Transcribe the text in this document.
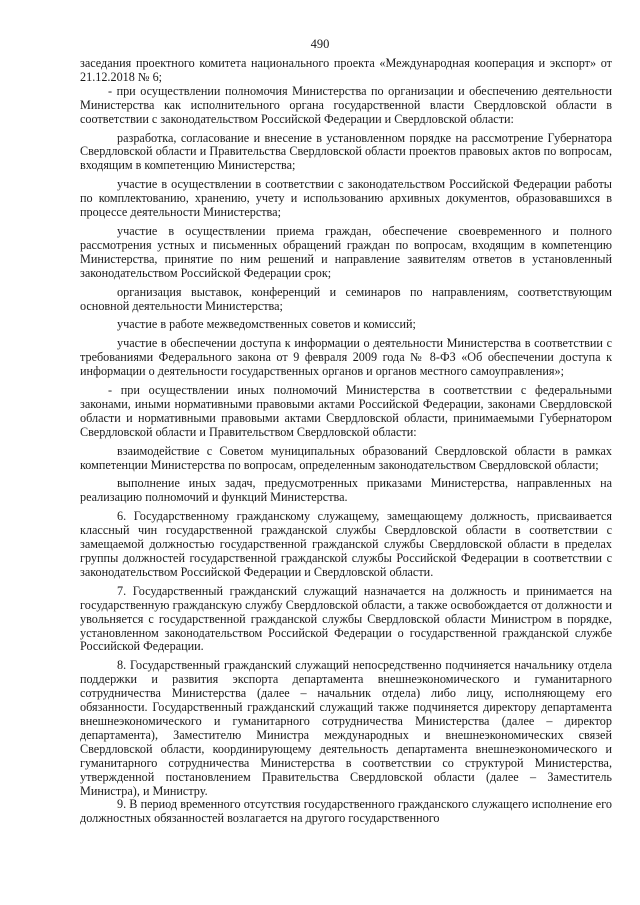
490

заседания проектного комитета национального проекта «Международная кооперация и экспорт» от 21.12.2018 № 6;

- при осуществлении полномочия Министерства по организации и обеспечению деятельности Министерства как исполнительного органа государственной власти Свердловской области в соответствии с законодательством Российской Федерации и Свердловской области:

разработка, согласование и внесение в установленном порядке на рассмотрение Губернатора Свердловской области и Правительства Свердловской области проектов правовых актов по вопросам, входящим в компетенцию Министерства;

участие в осуществлении в соответствии с законодательством Российской Федерации работы по комплектованию, хранению, учету и использованию архивных документов, образовавшихся в процессе деятельности Министерства;

участие в осуществлении приема граждан, обеспечение своевременного и полного рассмотрения устных и письменных обращений граждан по вопросам, входящим в компетенцию Министерства, принятие по ним решений и направление заявителям ответов в установленный законодательством Российской Федерации срок;

организация выставок, конференций и семинаров по направлениям, соответствующим основной деятельности Министерства;

участие в работе межведомственных советов и комиссий;

участие в обеспечении доступа к информации о деятельности Министерства в соответствии с требованиями Федерального закона от 9 февраля 2009 года № 8-ФЗ «Об обеспечении доступа к информации о деятельности государственных органов и органов местного самоуправления»;

- при осуществлении иных полномочий Министерства в соответствии с федеральными законами, иными нормативными правовыми актами Российской Федерации, законами Свердловской области и нормативными правовыми актами Свердловской области, принимаемыми Губернатором Свердловской области и Правительством Свердловской области:

взаимодействие с Советом муниципальных образований Свердловской области в рамках компетенции Министерства по вопросам, определенным законодательством Свердловской области;

выполнение иных задач, предусмотренных приказами Министерства, направленных на реализацию полномочий и функций Министерства.

6. Государственному гражданскому служащему, замещающему должность, присваивается классный чин государственной гражданской службы Свердловской области в соответствии с замещаемой должностью государственной гражданской службы Свердловской области в пределах группы должностей государственной гражданской службы Российской Федерации в соответствии с законодательством Российской Федерации и Свердловской области.

7. Государственный гражданский служащий назначается на должность и принимается на государственную гражданскую службу Свердловской области, а также освобождается от должности и увольняется с государственной гражданской службы Свердловской области Министром в порядке, установленном законодательством Российской Федерации о государственной гражданской службе Российской Федерации.

8. Государственный гражданский служащий непосредственно подчиняется начальнику отдела поддержки и развития экспорта департамента внешнеэкономического и гуманитарного сотрудничества Министерства (далее – начальник отдела) либо лицу, исполняющему его обязанности. Государственный гражданский служащий также подчиняется директору департамента внешнеэкономического и гуманитарного сотрудничества Министерства (далее – директор департамента), Заместителю Министра международных и внешнеэкономических связей Свердловской области, координирующему деятельность департамента внешнеэкономического и гуманитарного сотрудничества Министерства в соответствии со структурой Министерства, утвержденной постановлением Правительства Свердловской области (далее – Заместитель Министра), и Министру.

9. В период временного отсутствия государственного гражданского служащего исполнение его должностных обязанностей возлагается на другого государственного
